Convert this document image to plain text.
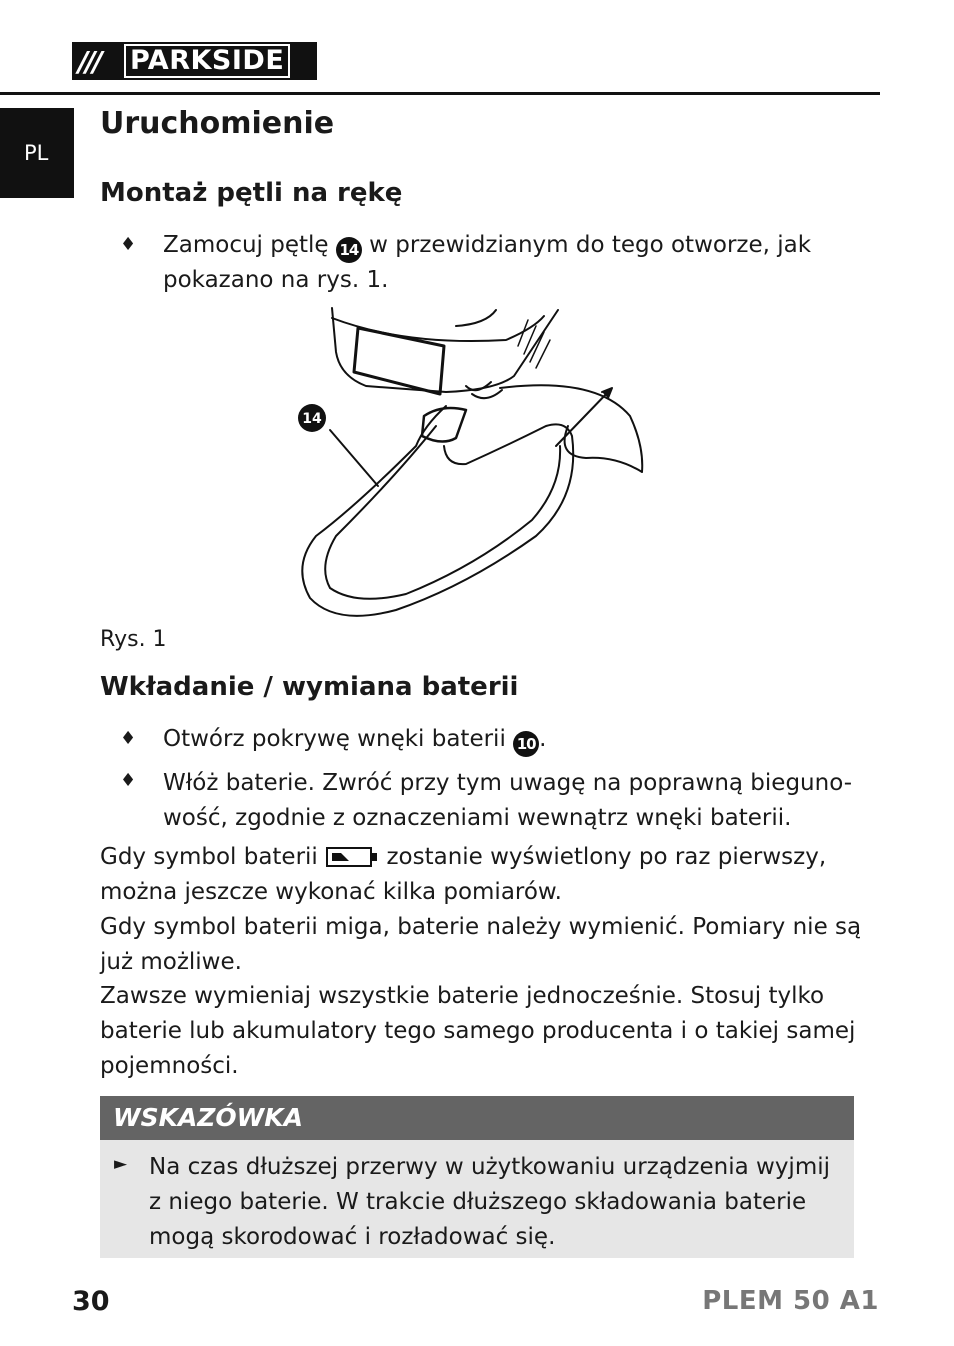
///	PARKSIDE
PL
Uruchomienie
Montaż pętli na rękę
♦ Zamocuj pętlę 14 w przewidzianym do tego otworze, jak
pokazano na rys. 1.
14
Rys. 1
Wkładanie / wymiana baterii
♦ Otwórz pokrywę wnęki baterii 10 .
♦ Włóż baterie. Zwróć przy tym uwagę na poprawną bieguno-
wość, zgodnie z oznaczeniami wewnątrz wnęki baterii.
Gdy symbol baterii  zostanie wyświetlony po raz pierwszy,
można jeszcze wykonać kilka pomiarów.
Gdy symbol baterii miga, baterie należy wymienić. Pomiary nie są
już możliwe.
Zawsze wymieniaj wszystkie baterie jednocześnie. Stosuj tylko
baterie lub akumulatory tego samego producenta i o takiej samej
pojemności.
WSKAZÓWKA
► Na czas dłuższej przerwy w użytkowaniu urządzenia wyjmij
z niego baterie. W trakcie dłuższego składowania baterie
mogą skorodować i rozładować się.
30	PLEM 50 A1
